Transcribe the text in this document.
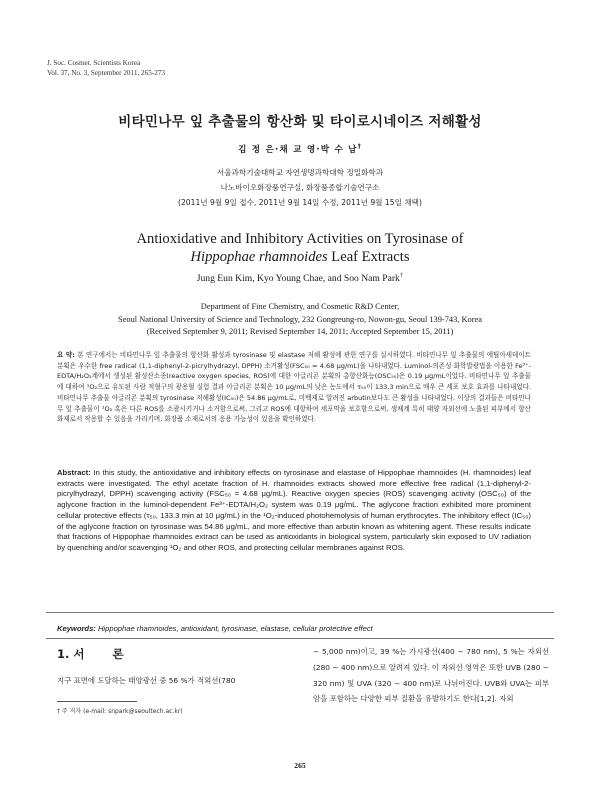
J. Soc. Cosmet. Scientists Korea
Vol. 37, No. 3, September 2011, 265-273
비타민나무 잎 추출물의 항산화 및 타이로시네이즈 저해활성
김 정 은·채 교 영·박 수 남†
서울과학기술대학교 자연생명과학대학 정밀화학과
나노바이오화장품연구실, 화장품종합기술연구소
(2011년 9월 9일 접수, 2011년 9월 14일 수정, 2011년 9월 15일 채택)
Antioxidative and Inhibitory Activities on Tyrosinase of
Hippophae rhamnoides Leaf Extracts
Jung Eun Kim, Kyo Young Chae, and Soo Nam Park†
Department of Fine Chemistry, and Cosmetic R&D Center,
Seoul National University of Science and Technology, 232 Gongreung-ro, Nowon-gu, Seoul 139-743, Korea
(Received September 9, 2011; Revised September 14, 2011; Accepted September 15, 2011)
요 약: 본 연구에서는 비타민나무 잎 추출물의 항산화 활성과 tyrosinase 및 elastase 저해 활성에 관한 연구를 실시하였다. 비타민나무 잎 추출물의 에틸아세테이트 분획은 우수한 free radical (1,1-diphenyl-2-picrylhydrazyl, DPPH) 소거활성(FSC₅₀ = 4.68 μg/mL)을 나타내었다. Luminol-의존성 화학발광법을 이용한 Fe³⁺-EDTA/H₂O₂계에서 생성된 활성산소종(reactive oxygen species, ROS)에 대한 아글리콘 분획의 총항산화능(OSC₅₀)은 0.19 μg/mL이었다. 비타민나무 잎 추출물에 대하여 ¹O₂으로 유도된 사람 적혈구의 광용혈 실험 결과 아글리콘 분획은 10 μg/mL의 낮은 농도에서 τ₅₀이 133.3 min으로 매우 큰 세포 보호 효과를 나타내었다. 비타민나무 추출물 아글리콘 분획의 tyrosinase 저해활성(IC₅₀)은 54.86 μg/mL로, 미백제로 알려진 arbutin보다도 큰 활성을 나타내었다. 이상의 결과들은 비타민나무 잎 추출물이 ¹O₂ 혹은 다른 ROS를 소광시키거나 소거함으로써, 그리고 ROS에 대항하여 세포막을 보호함으로써, 생체계 특히 태양 자외선에 노출된 피부에서 항산화제로서 작용할 수 있음을 가리키며, 화장품 소재로서의 응용 가능성이 있음을 확인하였다.
Abstract: In this study, the antioxidative and inhibitory effects on tyrosinase and elastase of Hippophae rhamnoides (H. rhamnoides) leaf extracts were investigated. The ethyl acetate fraction of H. rhamnoides extracts showed more effective free radical (1,1-diphenyl-2-picrylhydrazyl, DPPH) scavenging activity (FSC₅₀ = 4.68 μg/mL). Reactive oxygen species (ROS) scavenging activity (OSC₅₀) of the aglycone fraction in the luminol-dependent Fe³⁺-EDTA/H₂O₂ system was 0.19 μg/mL. The aglycone fraction exhibited more prominent cellular protective effects (τ₅₀, 133.3 min at 10 μg/mL) in the ¹O₂-induced photohemolysis of human erythrocytes. The inhibitory effect (IC₅₀) of the aglycone fraction on tyrosinase was 54.86 μg/mL, and more effective than arbutin known as whitening agent. These results indicate that fractions of Hippophae rhamnoides extract can be used as antioxidants in biological system, particularly skin exposed to UV radiation by quenching and/or scavenging ¹O₂ and other ROS, and protecting cellular membranes against ROS.
Keywords: Hippophae rhamnoides, antioxidant, tyrosinase, elastase, cellular protective effect
1. 서       론
지구 표면에 도달하는 태양광선 중 56 %가 적외선(780
∼ 5,000 nm)이고, 39 %는 가시광선(400 ∼ 780 nm), 5 %는 자외선(280 ∼ 400 nm)으로 알려져 있다. 이 자외선 영역은 또한 UVB (280 ∼ 320 nm) 및 UVA (320 ∼ 400 nm)로 나뉘어진다. UVB와 UVA는 피부암을 포함하는 다양한 피부 질환을 유발하기도 한다[1,2]. 자외
† 주 저자 (e-mail: snpark@seoultech.ac.kr)
265
